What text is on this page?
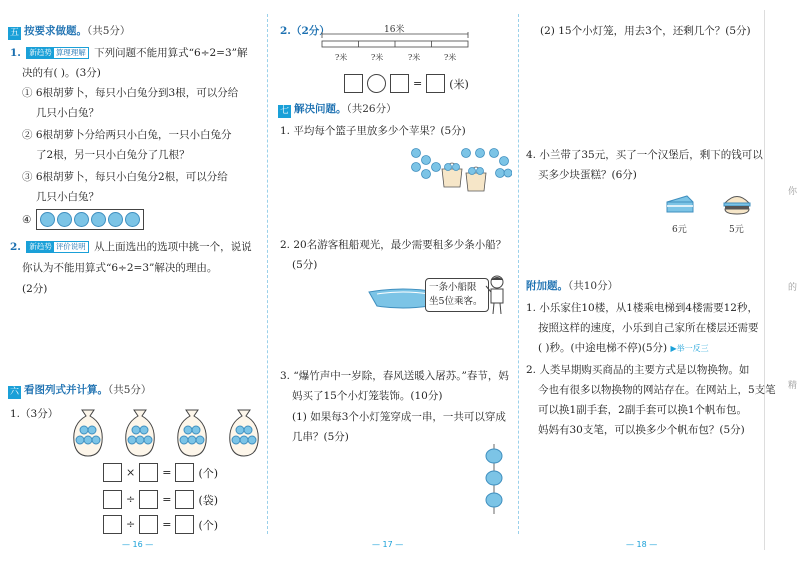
五 按要求做题。（共5分）
1. 新趋势 算理理解 下列问题不能用算式“6÷2=3”解
决的有( )。(3分)
① 6根胡萝卜，每只小白兔分到3根，可以分给
几只小白兔？
② 6根胡萝卜分给两只小白兔，一只小白兔分
了2根，另一只小白兔分了几根？
③ 6根胡萝卜，每只小白兔分2根，可以分给
几只小白兔？
④
2. 新趋势 评价说明 从上面选出的选项中挑一个，说说
你认为不能用算式“6÷2=3”解决的理由。
(2分)
六 看图列式并计算。（共5分）
1.（3分）
× = (个)
÷ = (袋)
÷ = (个)
— 16 —
2.（2分）	16米
?米	?米	?米	?米
= (米)
七 解决问题。（共26分）
1. 平均每个篮子里放多少个苹果？(5分)
2. 20名游客租船观光，最少需要租多少条小船？
(5分)
一条小船限
坐5位乘客。
3. “爆竹声中一岁除，春风送暖入屠苏。”春节，妈
妈买了15个小灯笼装饰。(10分)
(1) 如果每3个小灯笼穿成一串，一共可以穿成
几串？(5分)
— 17 —
(2) 15个小灯笼，用去3个，还剩几个？(5分)
4. 小兰带了35元，买了一个汉堡后，剩下的钱可以
买多少块蛋糕？(6分)
6元	5元
附加题。（共10分）
1. 小乐家住10楼，从1楼乘电梯到4楼需要12秒，
按照这样的速度，小乐到自己家所在楼层还需要
( )秒。(中途电梯不停)(5分) ▶举一反三
2. 人类早期购买商品的主要方式是以物换物。如
今也有很多以物换物的网站存在。在网站上，5支笔
可以换1副手套，2副手套可以换1个帆布包。
妈妈有30支笔，可以换多少个帆布包？(5分)
你
的
精
— 18 —
